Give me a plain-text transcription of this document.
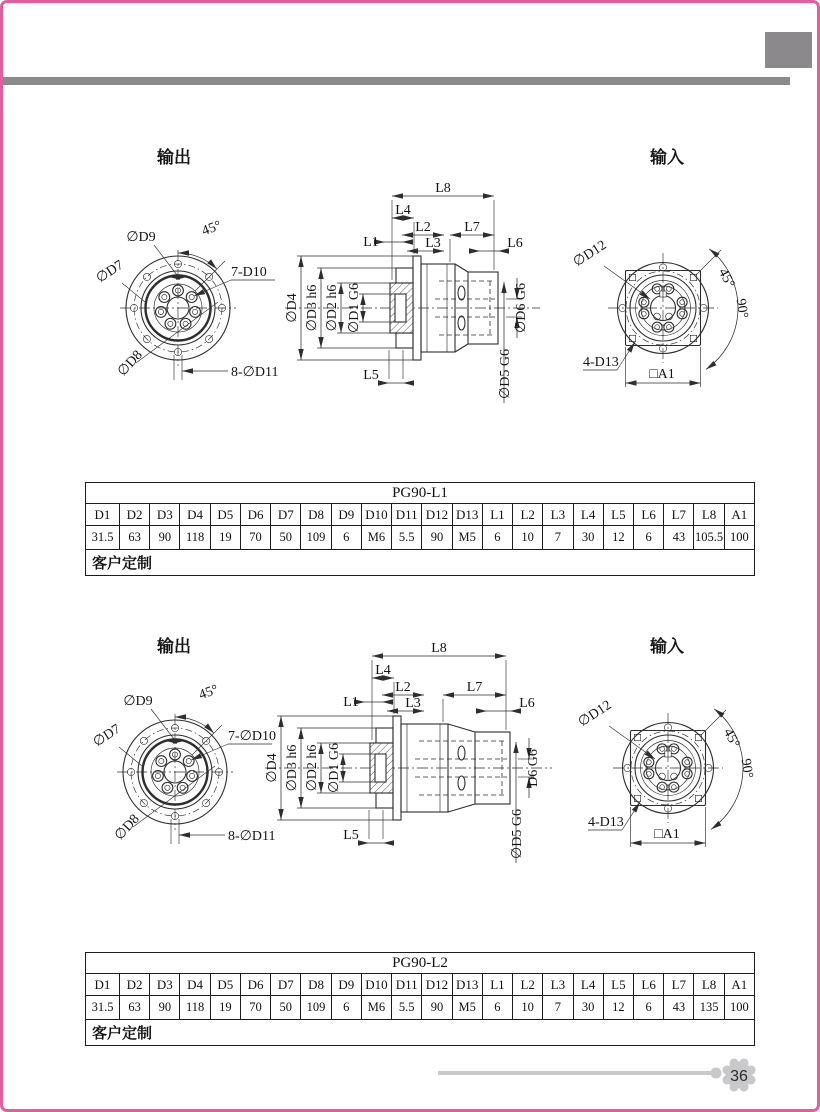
输出	输入
∅D9	45°
7-D10
∅D7
∅D8	8-∅D11
∅D4 ∅D3 h6 ∅D2 h6 ∅D1 G6
L8
L4
L2 L7
L1	L3	L6
L5
∅D6 G6
∅D5 G6
∅D12
4-D13
□A1
45°
90°
输出	输入
∅D9	45°
7-∅D10
∅D7
∅D8	8-∅D11
∅D4 ∅D3 h6 ∅D2 h6 ∅D1 G6
L8
L4
L2	L7
L1	L3	L6
L5
D6 G6
∅D5 G6
∅D12
4-D13
□A1
45°
90°
36
PG90-L1																					
D1	D2	D3	D4	D5	D6	D7	D8	D9	D10	D11	D12	D13	L1	L2	L3	L4	L5	L6	L7	L8	A1
31.5	63	90	118	19	70	50	109	6	M6	5.5	90	M5	6	10	7	30	12	6	43	105.5	100
客户定制																					
PG90-L2																					
D1	D2	D3	D4	D5	D6	D7	D8	D9	D10	D11	D12	D13	L1	L2	L3	L4	L5	L6	L7	L8	A1
31.5	63	90	118	19	70	50	109	6	M6	5.5	90	M5	6	10	7	30	12	6	43	135	100
客户定制																					
